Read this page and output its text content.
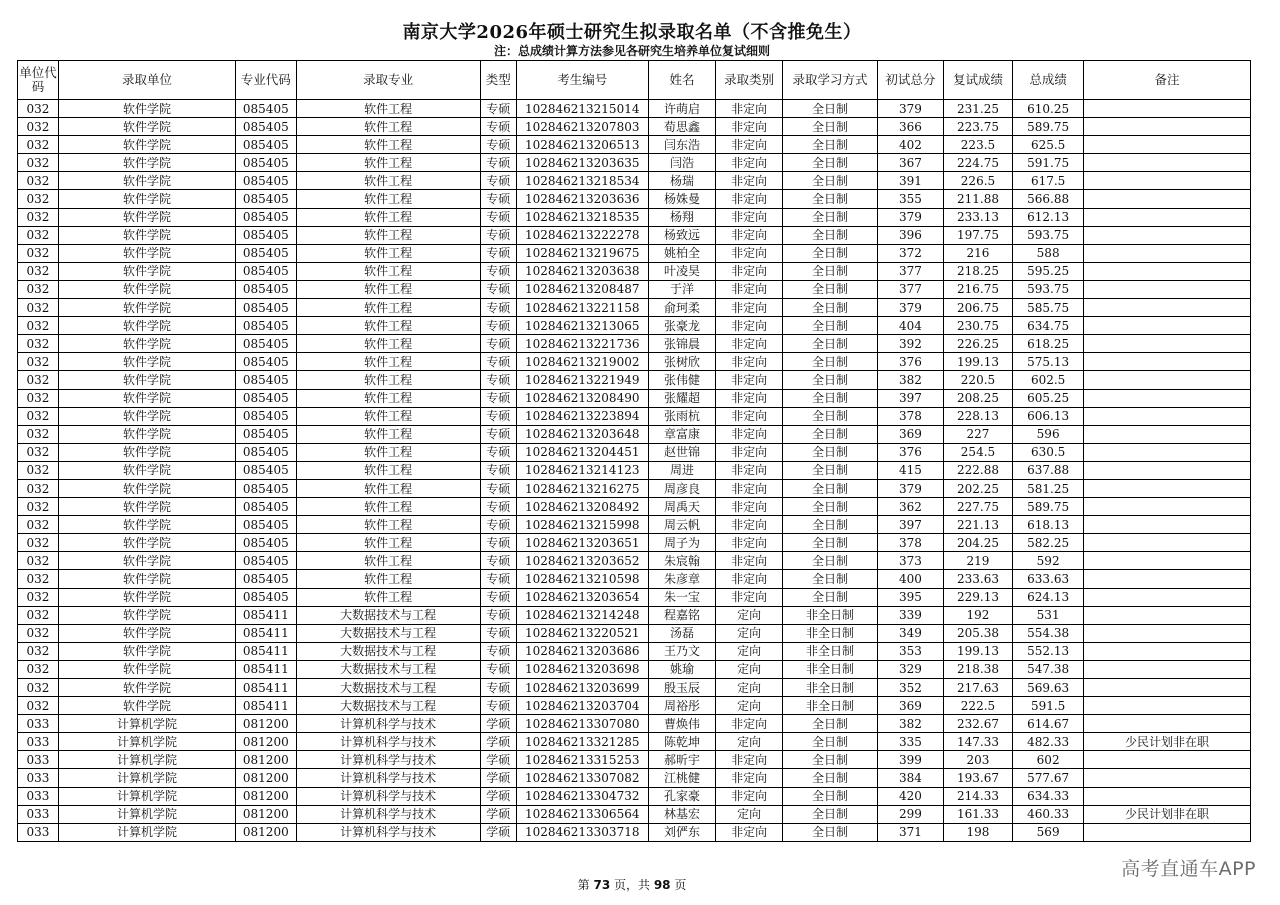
南京大学2026年硕士研究生拟录取名单（不含推免生）
注：总成绩计算方法参见各研究生培养单位复试细则
单位代码	录取单位	专业代码	录取专业	类型	考生编号	姓名	录取类别	录取学习方式	初试总分	复试成绩	总成绩	备注
032	软件学院	085405	软件工程	专硕	102846213215014	许萌启	非定向	全日制	379	231.25	610.25	
032	软件学院	085405	软件工程	专硕	102846213207803	荀思鑫	非定向	全日制	366	223.75	589.75	
032	软件学院	085405	软件工程	专硕	102846213206513	闫东浩	非定向	全日制	402	223.5	625.5	
032	软件学院	085405	软件工程	专硕	102846213203635	闫浩	非定向	全日制	367	224.75	591.75	
032	软件学院	085405	软件工程	专硕	102846213218534	杨瑞	非定向	全日制	391	226.5	617.5	
032	软件学院	085405	软件工程	专硕	102846213203636	杨姝曼	非定向	全日制	355	211.88	566.88	
032	软件学院	085405	软件工程	专硕	102846213218535	杨翔	非定向	全日制	379	233.13	612.13	
032	软件学院	085405	软件工程	专硕	102846213222278	杨致远	非定向	全日制	396	197.75	593.75	
032	软件学院	085405	软件工程	专硕	102846213219675	姚柏全	非定向	全日制	372	216	588	
032	软件学院	085405	软件工程	专硕	102846213203638	叶凌昊	非定向	全日制	377	218.25	595.25	
032	软件学院	085405	软件工程	专硕	102846213208487	于洋	非定向	全日制	377	216.75	593.75	
032	软件学院	085405	软件工程	专硕	102846213221158	俞珂柔	非定向	全日制	379	206.75	585.75	
032	软件学院	085405	软件工程	专硕	102846213213065	张豪龙	非定向	全日制	404	230.75	634.75	
032	软件学院	085405	软件工程	专硕	102846213221736	张锦晨	非定向	全日制	392	226.25	618.25	
032	软件学院	085405	软件工程	专硕	102846213219002	张树欣	非定向	全日制	376	199.13	575.13	
032	软件学院	085405	软件工程	专硕	102846213221949	张伟健	非定向	全日制	382	220.5	602.5	
032	软件学院	085405	软件工程	专硕	102846213208490	张耀超	非定向	全日制	397	208.25	605.25	
032	软件学院	085405	软件工程	专硕	102846213223894	张雨杭	非定向	全日制	378	228.13	606.13	
032	软件学院	085405	软件工程	专硕	102846213203648	章富康	非定向	全日制	369	227	596	
032	软件学院	085405	软件工程	专硕	102846213204451	赵世锦	非定向	全日制	376	254.5	630.5	
032	软件学院	085405	软件工程	专硕	102846213214123	周进	非定向	全日制	415	222.88	637.88	
032	软件学院	085405	软件工程	专硕	102846213216275	周彦良	非定向	全日制	379	202.25	581.25	
032	软件学院	085405	软件工程	专硕	102846213208492	周禹天	非定向	全日制	362	227.75	589.75	
032	软件学院	085405	软件工程	专硕	102846213215998	周云帆	非定向	全日制	397	221.13	618.13	
032	软件学院	085405	软件工程	专硕	102846213203651	周子为	非定向	全日制	378	204.25	582.25	
032	软件学院	085405	软件工程	专硕	102846213203652	朱宸翰	非定向	全日制	373	219	592	
032	软件学院	085405	软件工程	专硕	102846213210598	朱彦章	非定向	全日制	400	233.63	633.63	
032	软件学院	085405	软件工程	专硕	102846213203654	朱一宝	非定向	全日制	395	229.13	624.13	
032	软件学院	085411	大数据技术与工程	专硕	102846213214248	程嘉铭	定向	非全日制	339	192	531	
032	软件学院	085411	大数据技术与工程	专硕	102846213220521	汤磊	定向	非全日制	349	205.38	554.38	
032	软件学院	085411	大数据技术与工程	专硕	102846213203686	王乃文	定向	非全日制	353	199.13	552.13	
032	软件学院	085411	大数据技术与工程	专硕	102846213203698	姚瑜	定向	非全日制	329	218.38	547.38	
032	软件学院	085411	大数据技术与工程	专硕	102846213203699	殷玉辰	定向	非全日制	352	217.63	569.63	
032	软件学院	085411	大数据技术与工程	专硕	102846213203704	周裕彤	定向	非全日制	369	222.5	591.5	
033	计算机学院	081200	计算机科学与技术	学硕	102846213307080	曹焕伟	非定向	全日制	382	232.67	614.67	
033	计算机学院	081200	计算机科学与技术	学硕	102846213321285	陈乾坤	定向	全日制	335	147.33	482.33	少民计划非在职
033	计算机学院	081200	计算机科学与技术	学硕	102846213315253	郝昕宇	非定向	全日制	399	203	602	
033	计算机学院	081200	计算机科学与技术	学硕	102846213307082	江桃健	非定向	全日制	384	193.67	577.67	
033	计算机学院	081200	计算机科学与技术	学硕	102846213304732	孔家豪	非定向	全日制	420	214.33	634.33	
033	计算机学院	081200	计算机科学与技术	学硕	102846213306564	林基宏	定向	全日制	299	161.33	460.33	少民计划非在职
033	计算机学院	081200	计算机科学与技术	学硕	102846213303718	刘俨东	非定向	全日制	371	198	569	
第 73 页，共 98 页
高考直通车APP
